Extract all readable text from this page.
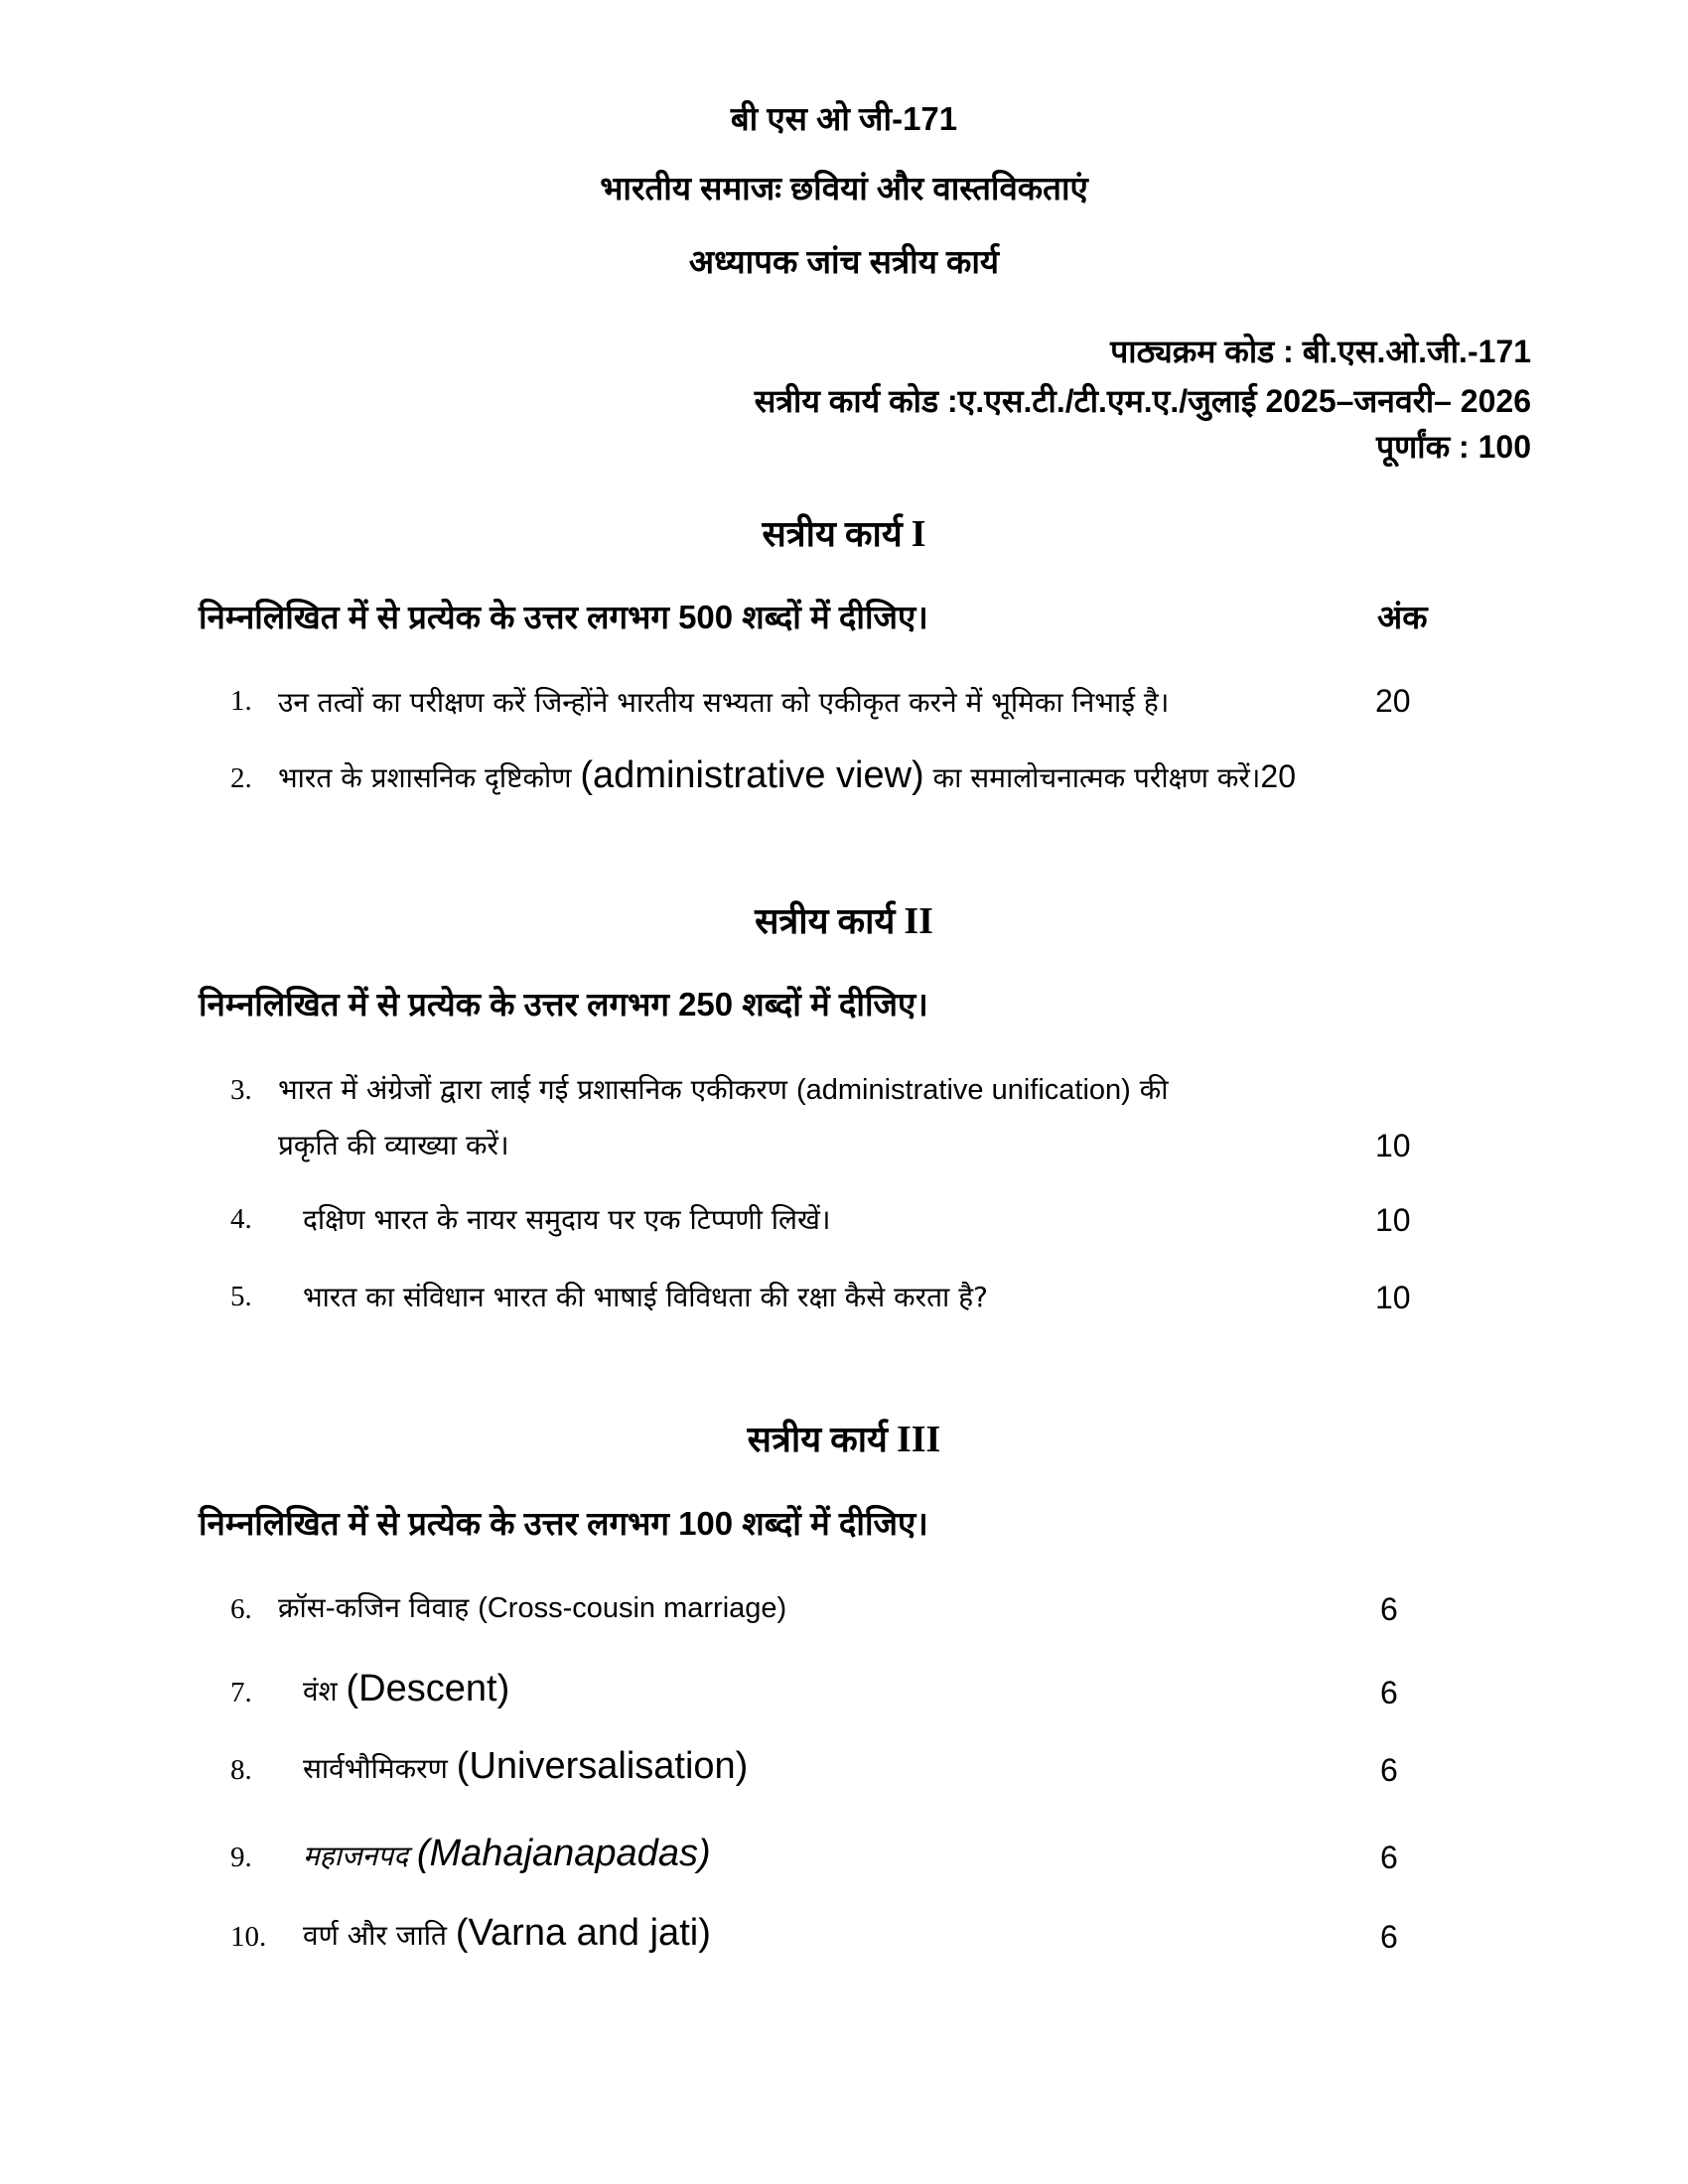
बी एस ओ जी-171
भारतीय समाजः छवियां और वास्तविकताएं
अध्यापक जांच सत्रीय कार्य
पाठ्यक्रम कोड : बी.एस.ओ.जी.-171
सत्रीय कार्य कोड :ए.एस.टी./टी.एम.ए./जुलाई 2025–जनवरी– 2026
पूर्णांक : 100
सत्रीय कार्य I
निम्नलिखित में से प्रत्येक के उत्तर लगभग 500 शब्दों में दीजिए।	अंक
1. उन तत्वों का परीक्षण करें जिन्होंने भारतीय सभ्यता को एकीकृत करने में भूमिका निभाई है।	20
2. भारत के प्रशासनिक दृष्टिकोण (administrative view) का समालोचनात्मक परीक्षण करें।20
सत्रीय कार्य II
निम्नलिखित में से प्रत्येक के उत्तर लगभग 250 शब्दों में दीजिए।
3. भारत में अंग्रेजों द्वारा लाई गई प्रशासनिक एकीकरण (administrative unification) की
प्रकृति की व्याख्या करें।	10
4. दक्षिण भारत के नायर समुदाय पर एक टिप्पणी लिखें।	10
5. भारत का संविधान भारत की भाषाई विविधता की रक्षा कैसे करता है?	10
सत्रीय कार्य III
निम्नलिखित में से प्रत्येक के उत्तर लगभग 100 शब्दों में दीजिए।
6. क्रॉस-कजिन विवाह (Cross-cousin marriage)	6
7. वंश (Descent)	6
8. सार्वभौमिकरण (Universalisation)	6
9. महाजनपद (Mahajanapadas)	6
10. वर्ण और जाति (Varna and jati)	6
